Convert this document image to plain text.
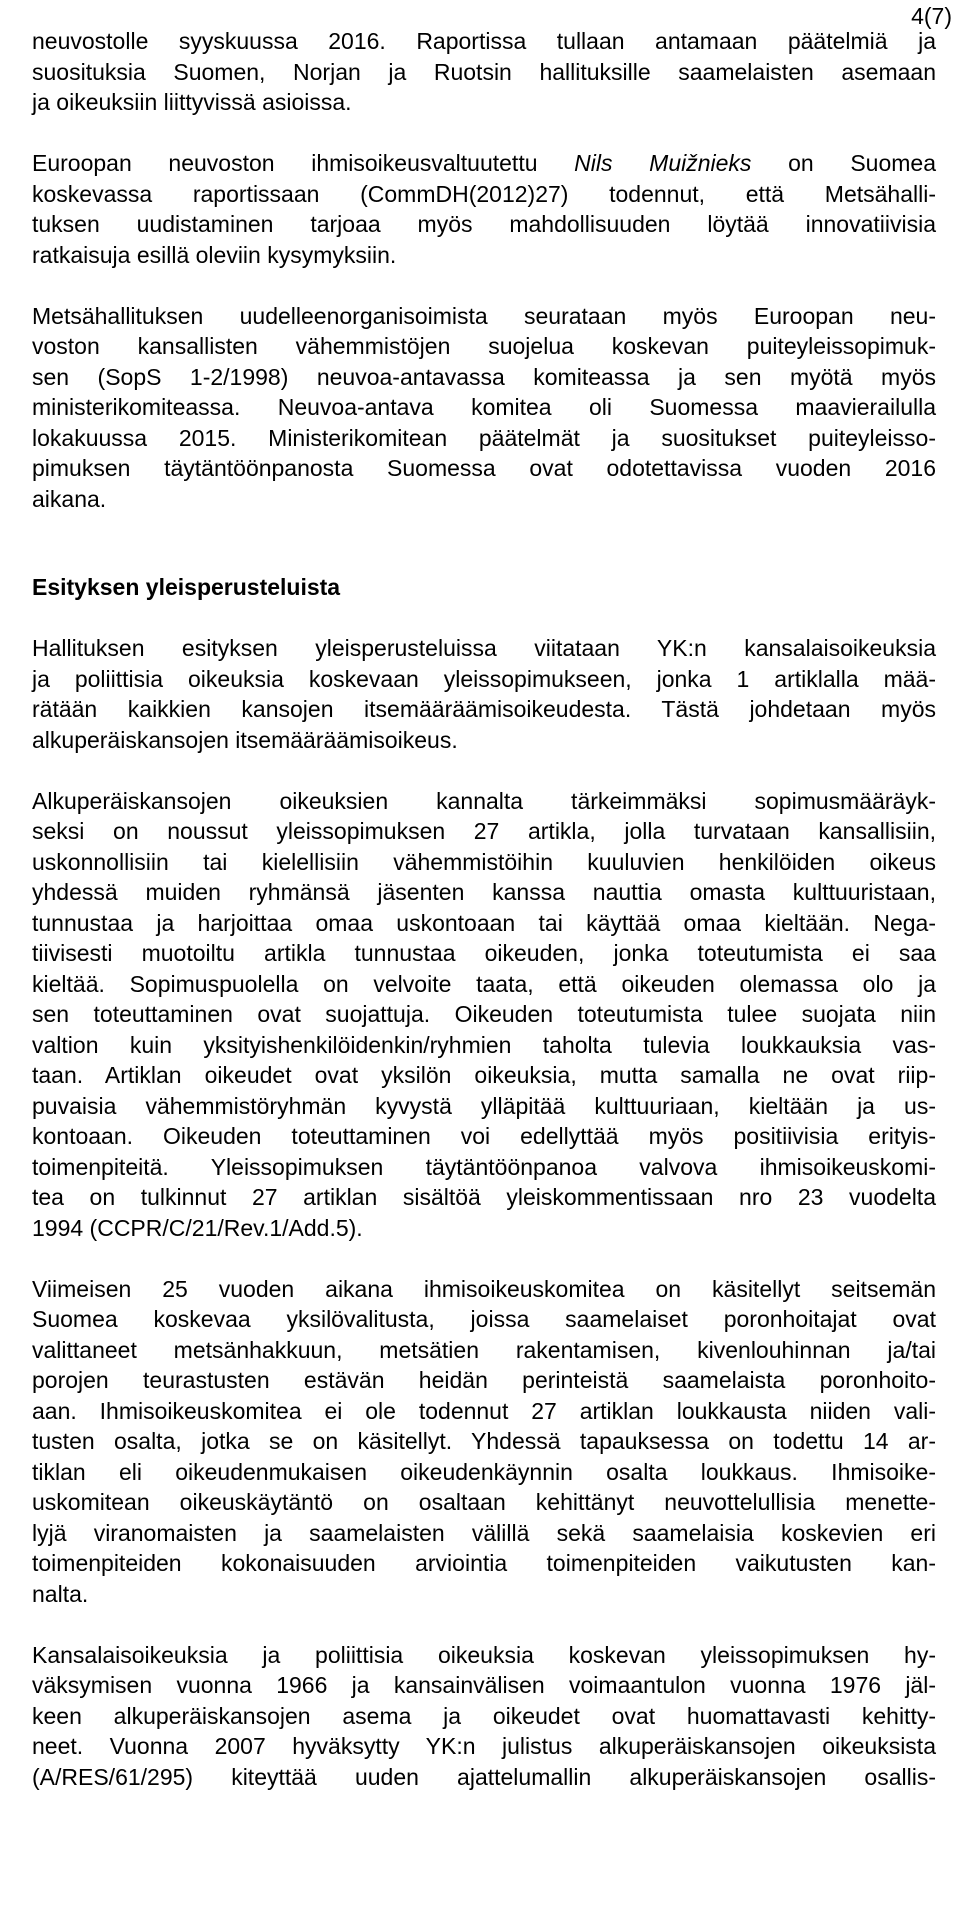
4(7)
neuvostolle syyskuussa 2016. Raportissa tullaan antamaan päätelmiä ja
suosituksia Suomen, Norjan ja Ruotsin hallituksille saamelaisten asemaan
ja oikeuksiin liittyvissä asioissa.
Euroopan neuvoston ihmisoikeusvaltuutettu Nils Muižnieks on Suomea
koskevassa raportissaan (CommDH(2012)27) todennut, että Metsähalli-
tuksen uudistaminen tarjoaa myös mahdollisuuden löytää innovatiivisia
ratkaisuja esillä oleviin kysymyksiin.
Metsähallituksen uudelleenorganisoimista seurataan myös Euroopan neu-
voston kansallisten vähemmistöjen suojelua koskevan puiteyleissopimuk-
sen (SopS 1-2/1998) neuvoa-antavassa komiteassa ja sen myötä myös
ministerikomiteassa. Neuvoa-antava komitea oli Suomessa maavierailulla
lokakuussa 2015. Ministerikomitean päätelmät ja suositukset puiteyleisso-
pimuksen täytäntöönpanosta Suomessa ovat odotettavissa vuoden 2016
aikana.
Esityksen yleisperusteluista
Hallituksen esityksen yleisperusteluissa viitataan YK:n kansalaisoikeuksia
ja poliittisia oikeuksia koskevaan yleissopimukseen, jonka 1 artiklalla mää-
rätään kaikkien kansojen itsemääräämisoikeudesta. Tästä johdetaan myös
alkuperäiskansojen itsemääräämisoikeus.
Alkuperäiskansojen oikeuksien kannalta tärkeimmäksi sopimusmääräyk-
seksi on noussut yleissopimuksen 27 artikla, jolla turvataan kansallisiin,
uskonnollisiin tai kielellisiin vähemmistöihin kuuluvien henkilöiden oikeus
yhdessä muiden ryhmänsä jäsenten kanssa nauttia omasta kulttuuristaan,
tunnustaa ja harjoittaa omaa uskontoaan tai käyttää omaa kieltään. Nega-
tiivisesti muotoiltu artikla tunnustaa oikeuden, jonka toteutumista ei saa
kieltää. Sopimuspuolella on velvoite taata, että oikeuden olemassa olo ja
sen toteuttaminen ovat suojattuja. Oikeuden toteutumista tulee suojata niin
valtion kuin yksityishenkilöidenkin/ryhmien taholta tulevia loukkauksia vas-
taan. Artiklan oikeudet ovat yksilön oikeuksia, mutta samalla ne ovat riip-
puvaisia vähemmistöryhmän kyvystä ylläpitää kulttuuriaan, kieltään ja us-
kontoaan. Oikeuden toteuttaminen voi edellyttää myös positiivisia erityis-
toimenpiteitä. Yleissopimuksen täytäntöönpanoa valvova ihmisoikeuskomi-
tea on tulkinnut 27 artiklan sisältöä yleiskommentissaan nro 23 vuodelta
1994 (CCPR/C/21/Rev.1/Add.5).
Viimeisen 25 vuoden aikana ihmisoikeuskomitea on käsitellyt seitsemän
Suomea koskevaa yksilövalitusta, joissa saamelaiset poronhoitajat ovat
valittaneet metsänhakkuun, metsätien rakentamisen, kivenlouhinnan ja/tai
porojen teurastusten estävän heidän perinteistä saamelaista poronhoito-
aan. Ihmisoikeuskomitea ei ole todennut 27 artiklan loukkausta niiden vali-
tusten osalta, jotka se on käsitellyt. Yhdessä tapauksessa on todettu 14 ar-
tiklan eli oikeudenmukaisen oikeudenkäynnin osalta loukkaus. Ihmisoike-
uskomitean oikeuskäytäntö on osaltaan kehittänyt neuvottelullisia menette-
lyjä viranomaisten ja saamelaisten välillä sekä saamelaisia koskevien eri
toimenpiteiden kokonaisuuden arviointia toimenpiteiden vaikutusten kan-
nalta.
Kansalaisoikeuksia ja poliittisia oikeuksia koskevan yleissopimuksen hy-
väksymisen vuonna 1966 ja kansainvälisen voimaantulon vuonna 1976 jäl-
keen alkuperäiskansojen asema ja oikeudet ovat huomattavasti kehitty-
neet. Vuonna 2007 hyväksytty YK:n julistus alkuperäiskansojen oikeuksista
(A/RES/61/295) kiteyttää uuden ajattelumallin alkuperäiskansojen osallis-
